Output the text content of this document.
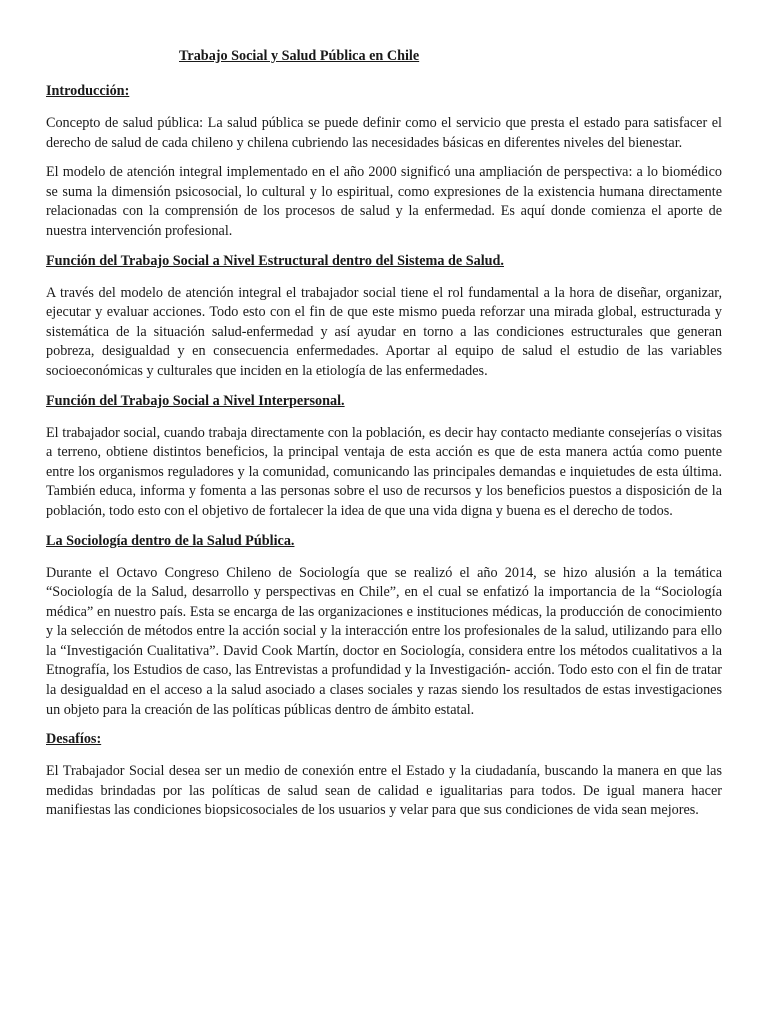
Trabajo Social y Salud Pública en Chile
Introducción:

Concepto de salud pública: La salud pública se puede definir como el servicio que presta el estado para satisfacer el derecho de salud de cada chileno y chilena cubriendo las necesidades básicas en diferentes niveles del bienestar.

El modelo de atención integral implementado en el año 2000 significó una ampliación de perspectiva: a lo biomédico se suma la dimensión psicosocial, lo cultural y lo espiritual, como expresiones de la existencia humana directamente relacionadas con la comprensión de los procesos de salud y la enfermedad. Es aquí donde comienza el aporte de nuestra intervención profesional.

Función del Trabajo Social a Nivel Estructural dentro del Sistema de Salud.

A través del modelo de atención integral el trabajador social tiene el rol fundamental a la hora de diseñar, organizar, ejecutar y evaluar acciones. Todo esto con el fin de que este mismo pueda reforzar una mirada global, estructurada y sistemática de la situación salud-enfermedad y así ayudar en torno a las condiciones estructurales que generan pobreza, desigualdad y en consecuencia enfermedades. Aportar al equipo de salud el estudio de las variables socioeconómicas y culturales que inciden en la etiología de las enfermedades.

Función del Trabajo Social a Nivel Interpersonal.

El trabajador social, cuando trabaja directamente con la población, es decir hay contacto mediante consejerías o visitas a terreno, obtiene distintos beneficios, la principal ventaja de esta acción es que de esta manera actúa como puente entre los organismos reguladores y la comunidad, comunicando las principales demandas e inquietudes de esta última. También educa, informa y fomenta a las personas sobre el uso de recursos y los beneficios puestos a disposición de la población, todo esto con el objetivo de fortalecer la idea de que una vida digna y buena es el derecho de todos.

La Sociología dentro de la Salud Pública.

Durante el Octavo Congreso Chileno de Sociología que se realizó el año 2014, se hizo alusión a la temática “Sociología de la Salud, desarrollo y perspectivas en Chile”, en el cual se enfatizó la importancia de la “Sociología médica” en nuestro país. Esta se encarga de las organizaciones e instituciones médicas, la producción de conocimiento y la selección de métodos entre la acción social y la interacción entre los profesionales de la salud, utilizando para ello la “Investigación Cualitativa”. David Cook Martín, doctor en Sociología, considera entre los métodos cualitativos a la Etnografía, los Estudios de caso, las Entrevistas a profundidad y la Investigación- acción. Todo esto con el fin de tratar la desigualdad en el acceso a la salud asociado a clases sociales y razas siendo los resultados de estas investigaciones un objeto para la creación de las políticas públicas dentro de ámbito estatal.

Desafíos:

El Trabajador Social desea ser un medio de conexión entre el Estado y la ciudadanía, buscando la manera en que las medidas brindadas por las políticas de salud sean de calidad e igualitarias para todos. De igual manera hacer manifiestas las condiciones biopsicosociales de los usuarios y velar para que sus condiciones de vida sean mejores.
